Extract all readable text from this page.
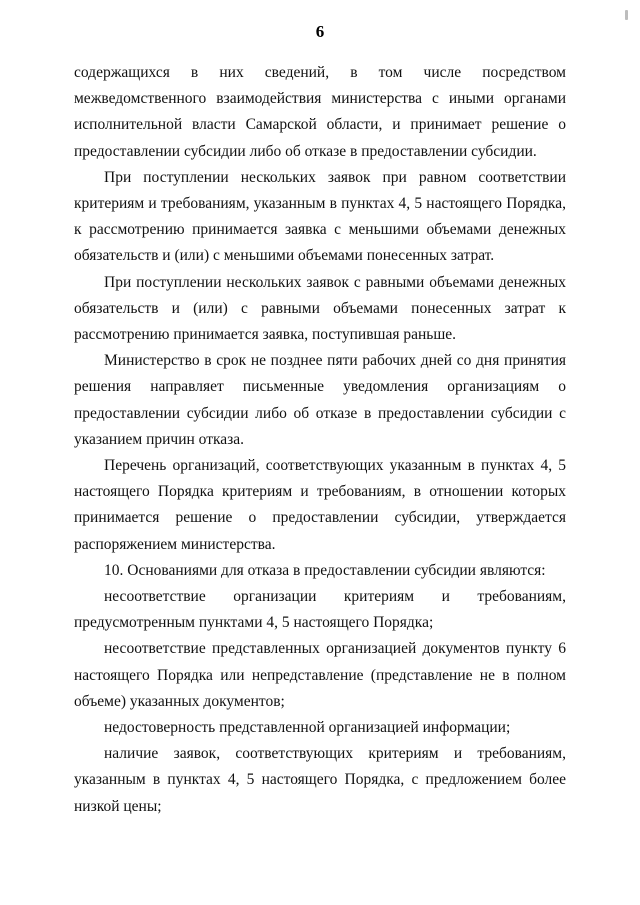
6

содержащихся в них сведений, в том числе посредством межведомственного взаимодействия министерства с иными органами исполнительной власти Самарской области, и принимает решение о предоставлении субсидии либо об отказе в предоставлении субсидии.

При поступлении нескольких заявок при равном соответствии критериям и требованиям, указанным в пунктах 4, 5 настоящего Порядка, к рассмотрению принимается заявка с меньшими объемами денежных обязательств и (или) с меньшими объемами понесенных затрат.

При поступлении нескольких заявок с равными объемами денежных обязательств и (или) с равными объемами понесенных затрат к рассмотрению принимается заявка, поступившая раньше.

Министерство в срок не позднее пяти рабочих дней со дня принятия решения направляет письменные уведомления организациям о предоставлении субсидии либо об отказе в предоставлении субсидии с указанием причин отказа.

Перечень организаций, соответствующих указанным в пунктах 4, 5 настоящего Порядка критериям и требованиям, в отношении которых принимается решение о предоставлении субсидии, утверждается распоряжением министерства.

10. Основаниями для отказа в предоставлении субсидии являются:

несоответствие организации критериям и требованиям, предусмотренным пунктами 4, 5 настоящего Порядка;

несоответствие представленных организацией документов пункту 6 настоящего Порядка или непредставление (представление не в полном объеме) указанных документов;

недостоверность представленной организацией информации;

наличие заявок, соответствующих критериям и требованиям, указанным в пунктах 4, 5 настоящего Порядка, с предложением более низкой цены;
